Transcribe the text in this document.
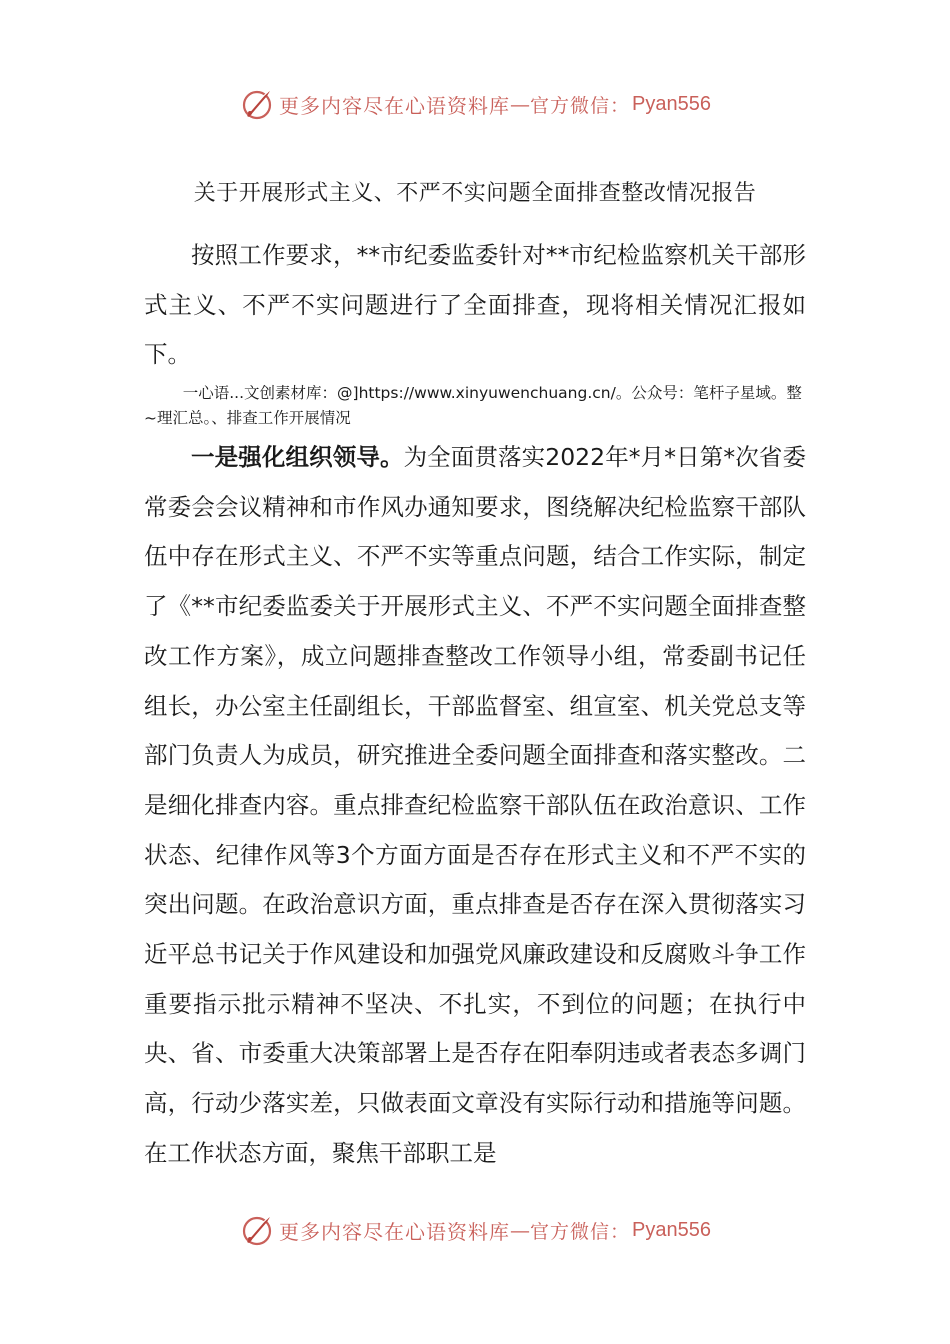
更多内容尽在心语资料库 — 官方微信： Pyan556
关于开展形式主义、不严不实问题全面排查整改情况报告

按照工作要求，**市纪委监委针对**市纪检监察机关干部形式主义、不严不实问题进行了全面排查，现将相关情况汇报如下。

一心语...文创素材库：@]https://www.xinyuwenchuang.cn/。公众号：笔杆子星域。整~理汇总。、排查工作开展情况

一是强化组织领导。为全面贯落实2022年*月*日第*次省委常委会会议精神和市作风办通知要求，图绕解决纪检监察干部队伍中存在形式主义、不严不实等重点问题，结合工作实际，制定了《**市纪委监委关于开展形式主义、不严不实问题全面排查整改工作方案》，成立问题排查整改工作领导小组，常委副书记任组长，办公室主任副组长，干部监督室、组宣室、机关党总支等部门负责人为成员，研究推进全委问题全面排查和落实整改。二是细化排查内容。重点排查纪检监察干部队伍在政治意识、工作状态、纪律作风等3个方面方面是否存在形式主义和不严不实的突出问题。在政治意识方面，重点排查是否存在深入贯彻落实习近平总书记关于作风建设和加强党风廉政建设和反腐败斗争工作重要指示批示精神不坚决、不扎实，不到位的问题；在执行中央、省、市委重大决策部署上是否存在阳奉阴违或者表态多调门高，行动少落实差，只做表面文章没有实际行动和措施等问题。在工作状态方面，聚焦干部职工是

更多内容尽在心语资料库 — 官方微信： Pyan556
